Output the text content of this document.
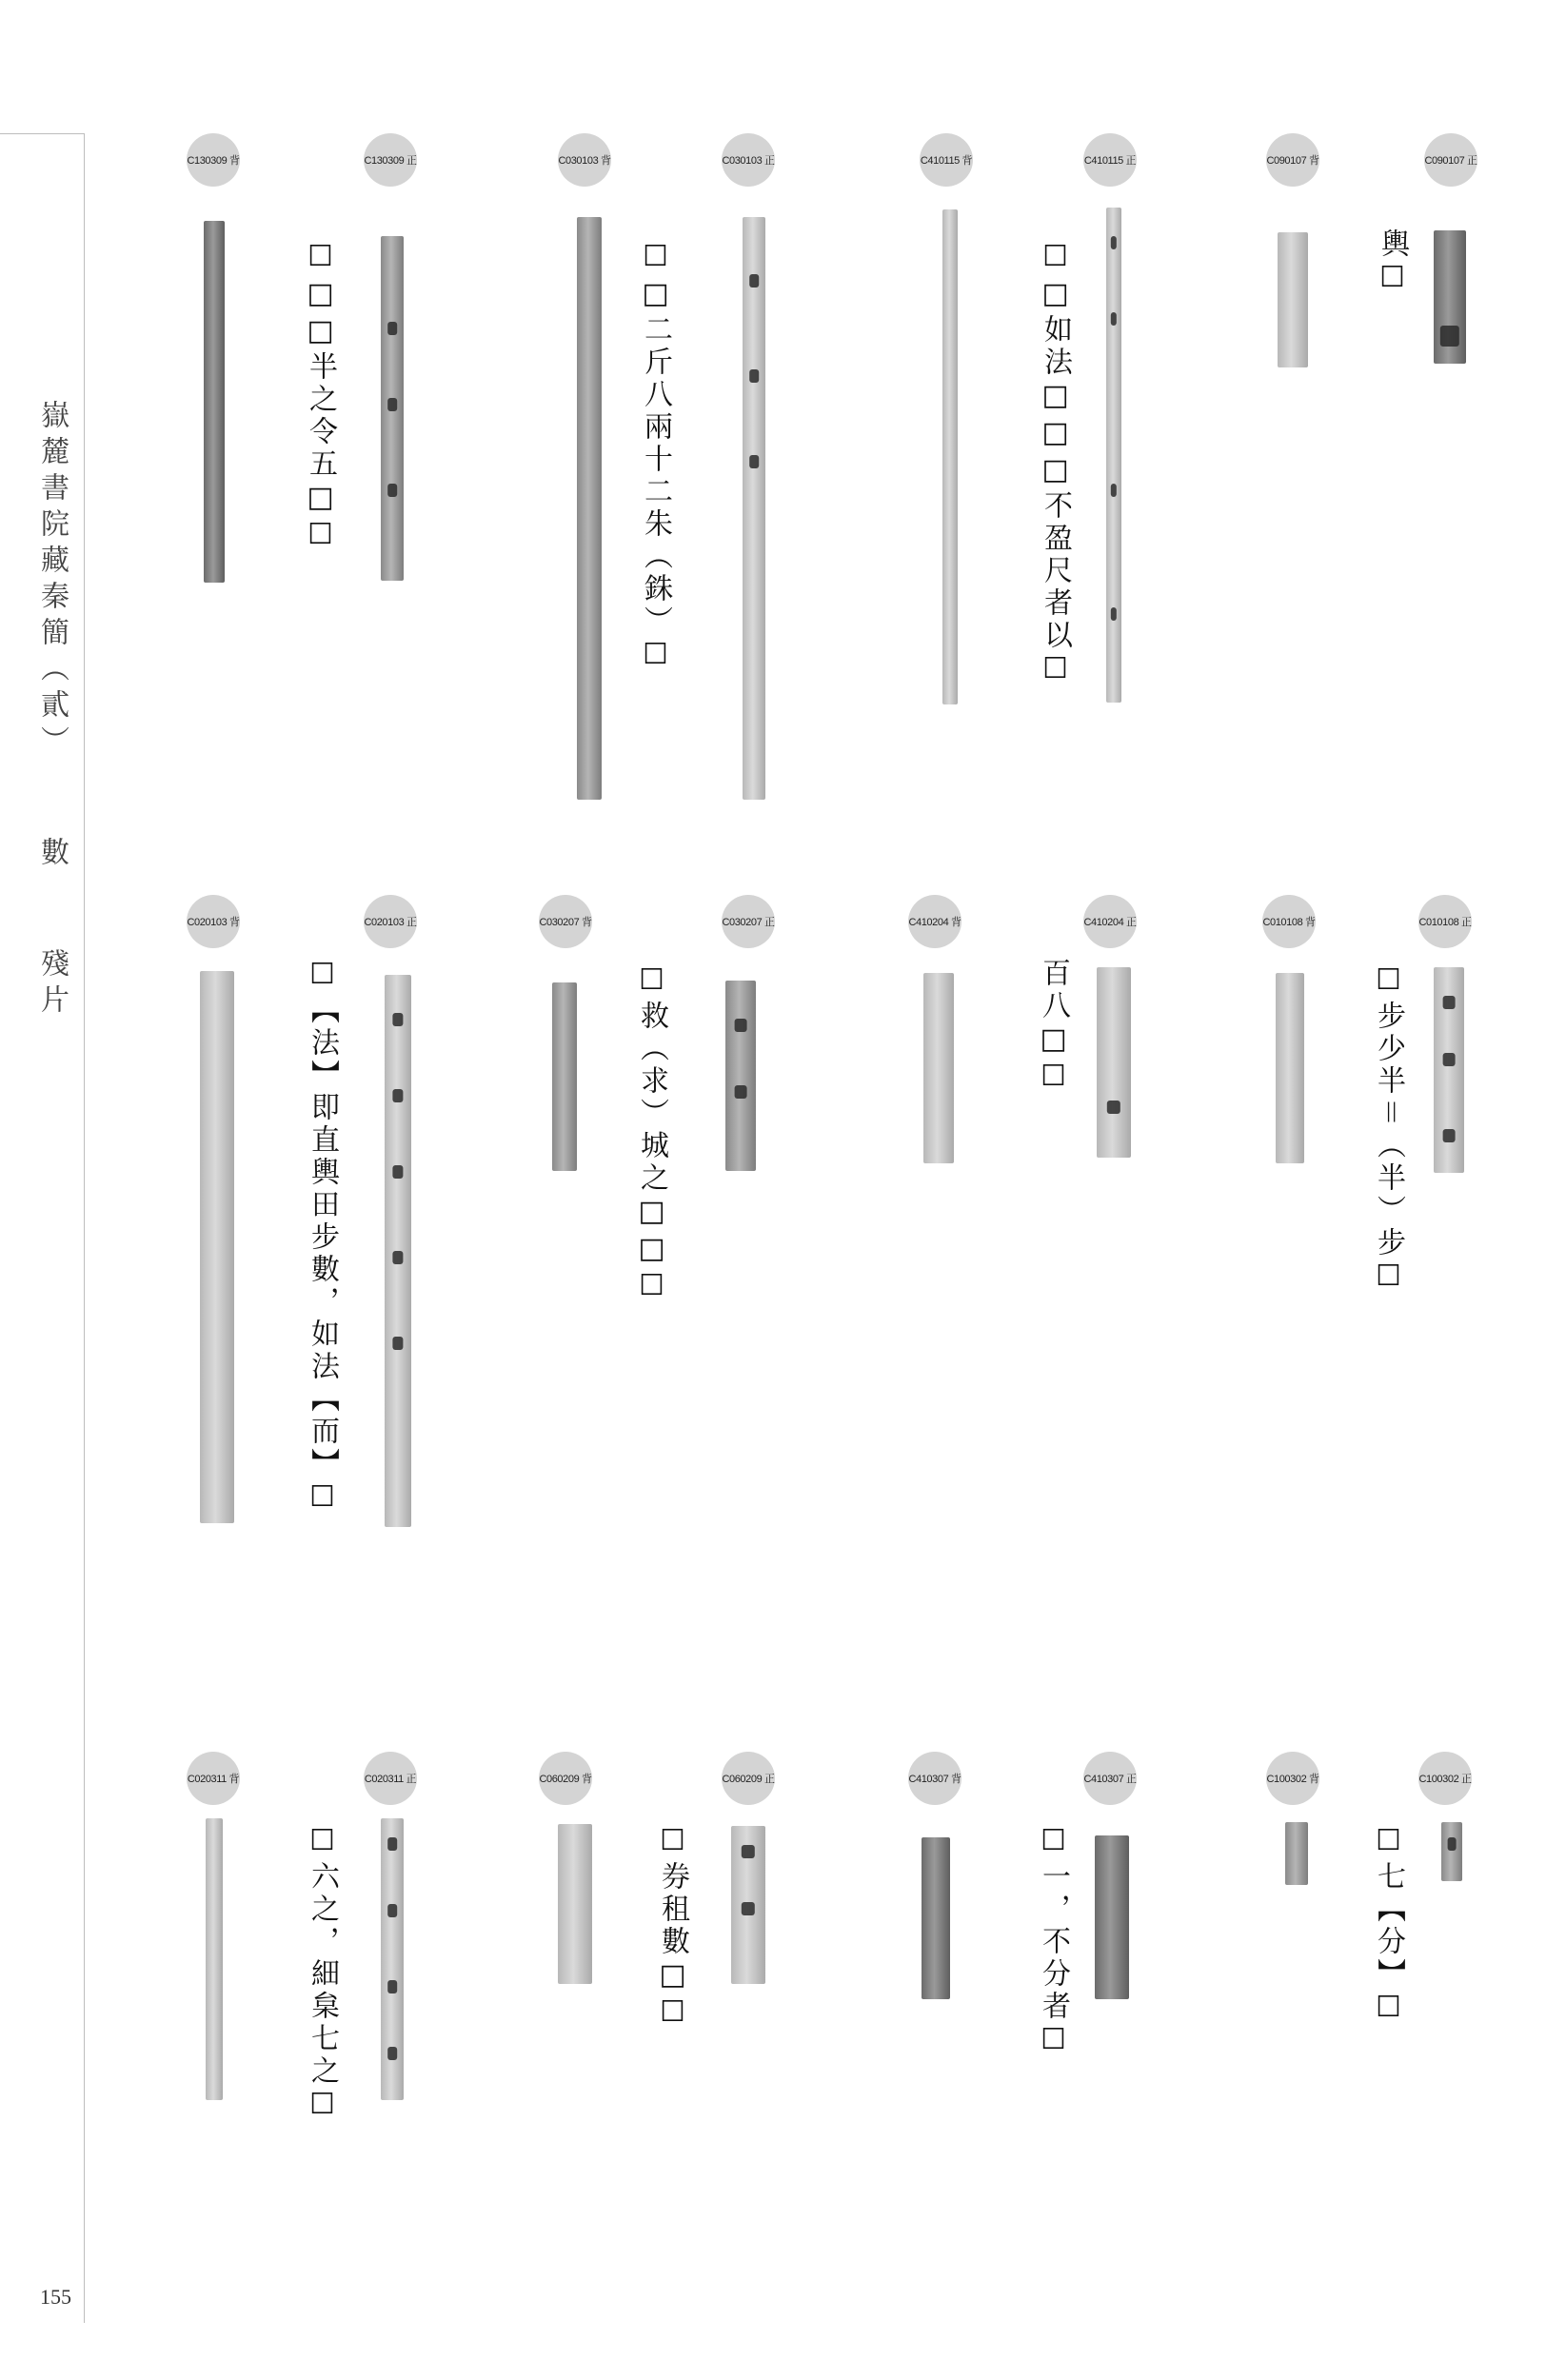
嶽麓書院藏秦簡（貳） 數 殘片
155
C130309 背	C130309 正
☐□□半之令五□☐
C030103 背	C030103 正
☐□二斤八兩十二朱（銖）☐
C410115 背	C410115 正
☐□如法□□□不盈尺者以☐
C090107 背	C090107 正
輿☐
C020103 背	C020103 正
☐【法】即直輿田步數，如法【而】☐
C030207 背	C030207 正
☐救（求）城之□□☐
C410204 背	C410204 正
百八□☐
C010108 背	C010108 正
☐步少半＝（半）步☐
C020311 背	C020311 正
☐六之，細枲七之☐
C060209 背	C060209 正
☐券租數□☐
C410307 背	C410307 正
☐一，不分者☐
C100302 背	C100302 正
☐七【分】☐
